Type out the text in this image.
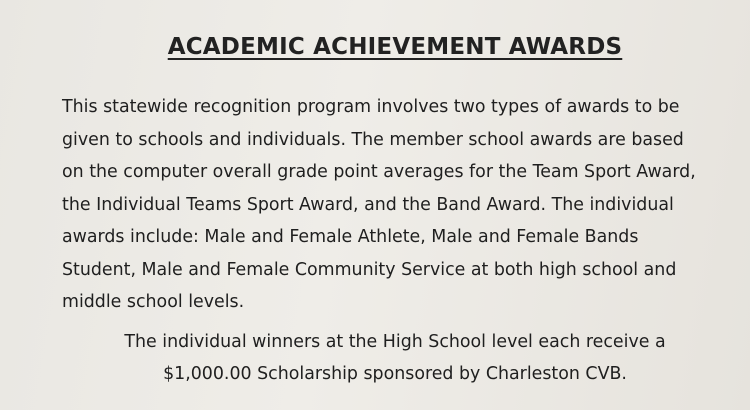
ACADEMIC ACHIEVEMENT AWARDS
This statewide recognition program involves two types of awards to be
given to schools and individuals. The member school awards are based
on the computer overall grade point averages for the Team Sport Award,
the Individual Teams Sport Award, and the Band Award. The individual
awards include: Male and Female Athlete, Male and Female Bands
Student, Male and Female Community Service at both high school and
middle school levels.
The individual winners at the High School level each receive a
$1,000.00 Scholarship sponsored by Charleston CVB.
